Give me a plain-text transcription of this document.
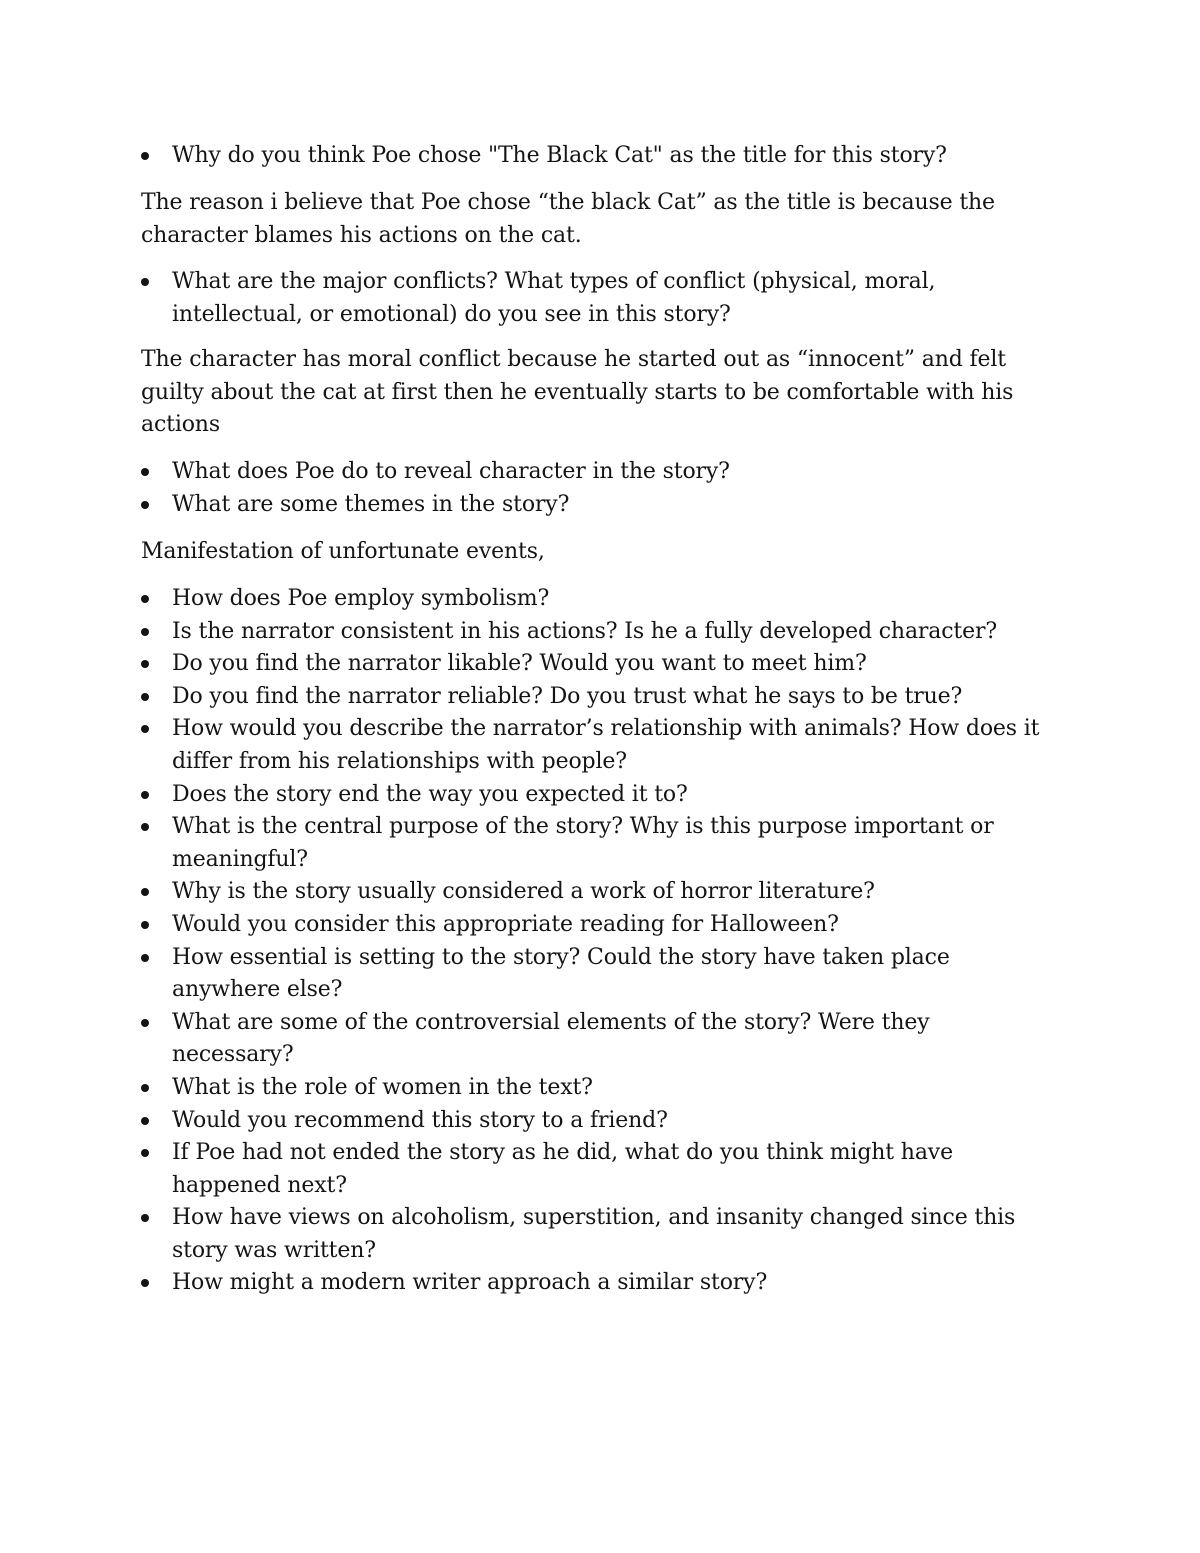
Why do you think Poe chose "The Black Cat" as the title for this story?

The reason i believe that Poe chose “the black Cat” as the title is because the character blames his actions on the cat.

What are the major conflicts? What types of conflict (physical, moral, intellectual, or emotional) do you see in this story?

The character has moral conflict because he started out as “innocent” and felt guilty about the cat at first then he eventually starts to be comfortable with his actions

What does Poe do to reveal character in the story?
What are some themes in the story?

Manifestation of unfortunate events,

How does Poe employ symbolism?
Is the narrator consistent in his actions? Is he a fully developed character?
Do you find the narrator likable? Would you want to meet him?
Do you find the narrator reliable? Do you trust what he says to be true?
How would you describe the narrator’s relationship with animals? How does it differ from his relationships with people?
Does the story end the way you expected it to?
What is the central purpose of the story? Why is this purpose important or meaningful?
Why is the story usually considered a work of horror literature?
Would you consider this appropriate reading for Halloween?
How essential is setting to the story? Could the story have taken place anywhere else?
What are some of the controversial elements of the story? Were they necessary?
What is the role of women in the text?
Would you recommend this story to a friend?
If Poe had not ended the story as he did, what do you think might have happened next?
How have views on alcoholism, superstition, and insanity changed since this story was written?
How might a modern writer approach a similar story?
